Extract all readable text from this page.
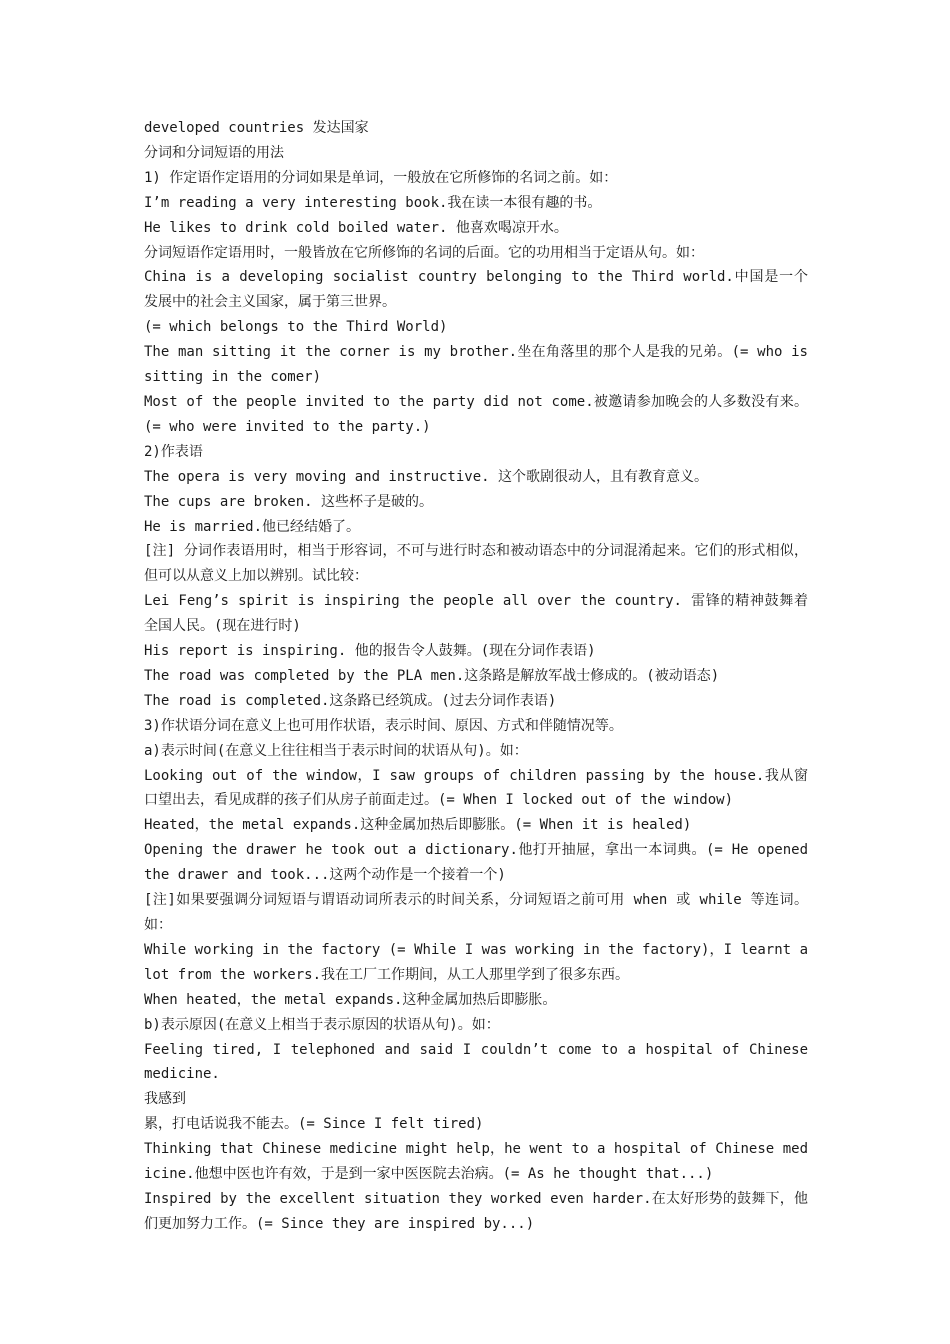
developed countries 发达国家

分词和分词短语的用法

1) 作定语作定语用的分词如果是单词，一般放在它所修饰的名词之前。如：

I’m reading a very interesting book.我在读一本很有趣的书。

He likes to drink cold boiled water. 他喜欢喝凉开水。

分词短语作定语用时，一般皆放在它所修饰的名词的后面。它的功用相当于定语从句。如：

China is a developing socialist country belonging to the Third world.中国是一个发展中的社会主义国家，属于第三世界。

(= which belongs to the Third World)

The man sitting it the corner is my brother.坐在角落里的那个人是我的兄弟。(= who is sitting in the comer)

Most of the people invited to the party did not come.被邀请参加晚会的人多数没有来。(= who were invited to the party.)

2)作表语

The opera is very moving and instructive. 这个歌剧很动人，且有教育意义。

The cups are broken. 这些杯子是破的。

He is married.他已经结婚了。

[注] 分词作表语用时，相当于形容词，不可与进行时态和被动语态中的分词混淆起来。它们的形式相似，但可以从意义上加以辨别。试比较：

Lei Feng’s spirit is inspiring the people all over the country. 雷锋的精神鼓舞着全国人民。(现在进行时)

His report is inspiring. 他的报告令人鼓舞。(现在分词作表语)

The road was completed by the PLA men.这条路是解放军战士修成的。(被动语态)

The road is completed.这条路已经筑成。(过去分词作表语)

3)作状语分词在意义上也可用作状语，表示时间、原因、方式和伴随情况等。

a)表示时间(在意义上往往相当于表示时间的状语从句)。如：

Looking out of the window，I saw groups of children passing by the house.我从窗口望出去，看见成群的孩子们从房子前面走过。(= When I locked out of the window)

Heated，the metal expands.这种金属加热后即膨胀。(= When it is healed)

Opening the drawer he took out a dictionary.他打开抽屉，拿出一本词典。(= He opened the drawer and took...这两个动作是一个接着一个)

[注]如果要强调分词短语与谓语动词所表示的时间关系，分词短语之前可用 when 或 while 等连词。如：

While working in the factory (= While I was working in the factory)，I learnt a lot from the workers.我在工厂工作期间，从工人那里学到了很多东西。

When heated，the metal expands.这种金属加热后即膨胀。

b)表示原因(在意义上相当于表示原因的状语从句)。如：

Feeling tired, I telephoned and said I couldn’t come to a hospital of Chinese medicine.

我感到

累，打电话说我不能去。(= Since I felt tired)

Thinking that Chinese medicine might help，he went to a hospital of Chinese medicine.他想中医也许有效，于是到一家中医医院去治病。(= As he thought that...)

Inspired by the excellent situation they worked even harder.在太好形势的鼓舞下，他们更加努力工作。(= Since they are inspired by...)
